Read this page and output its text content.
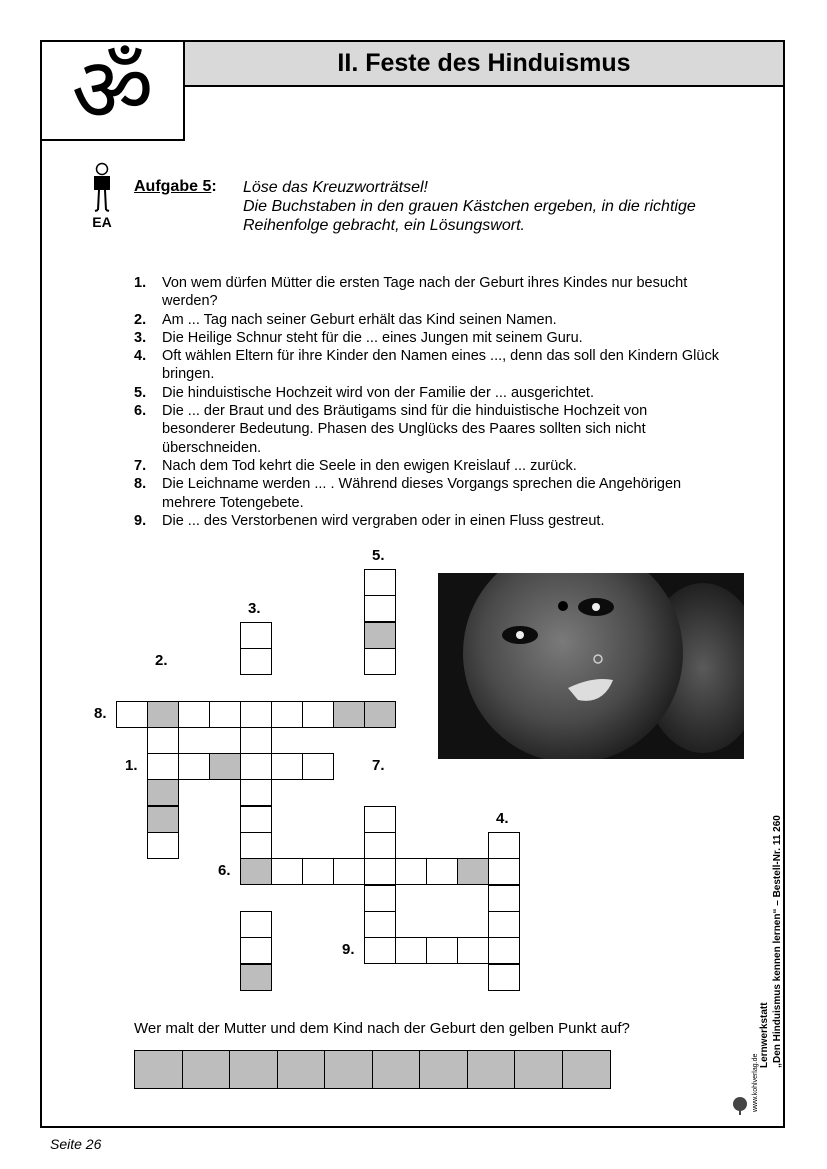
ॐ	II. Feste des Hinduismus
EA
Aufgabe 5: Löse das Kreuzworträtsel!
Die Buchstaben in den grauen Kästchen ergeben, in die richtige
Reihenfolge gebracht, ein Lösungswort.
1.	Von wem dürfen Mütter die ersten Tage nach der Geburt ihres Kindes nur besucht werden?
2.	Am ... Tag nach seiner Geburt erhält das Kind seinen Namen.
3.	Die Heilige Schnur steht für die ... eines Jungen mit seinem Guru.
4.	Oft wählen Eltern für ihre Kinder den Namen eines ..., denn das soll den Kindern Glück bringen.
5.	Die hinduistische Hochzeit wird von der Familie der ... ausgerichtet.
6.	Die ... der Braut und des Bräutigams sind für die hinduistische Hochzeit von besonderer Bedeutung. Phasen des Unglücks des Paares sollten sich nicht überschneiden.
7.	Nach dem Tod kehrt die Seele in den ewigen Kreislauf ... zurück.
8.	Die Leichname werden ... . Während dieses Vorgangs sprechen die Angehörigen mehrere Totengebete.
9.	Die ... des Verstorbenen wird vergraben oder in einen Fluss gestreut.
5.
3.
2.
8.
1.	7.
4.
6.
9.
Wer malt der Mutter und dem Kind nach der Geburt den gelben Punkt auf?	Lernwerkstatt „Den Hinduismus kennen lernen“ – Bestell-Nr. 11 260
www.kohlverlag.de
Seite 26
